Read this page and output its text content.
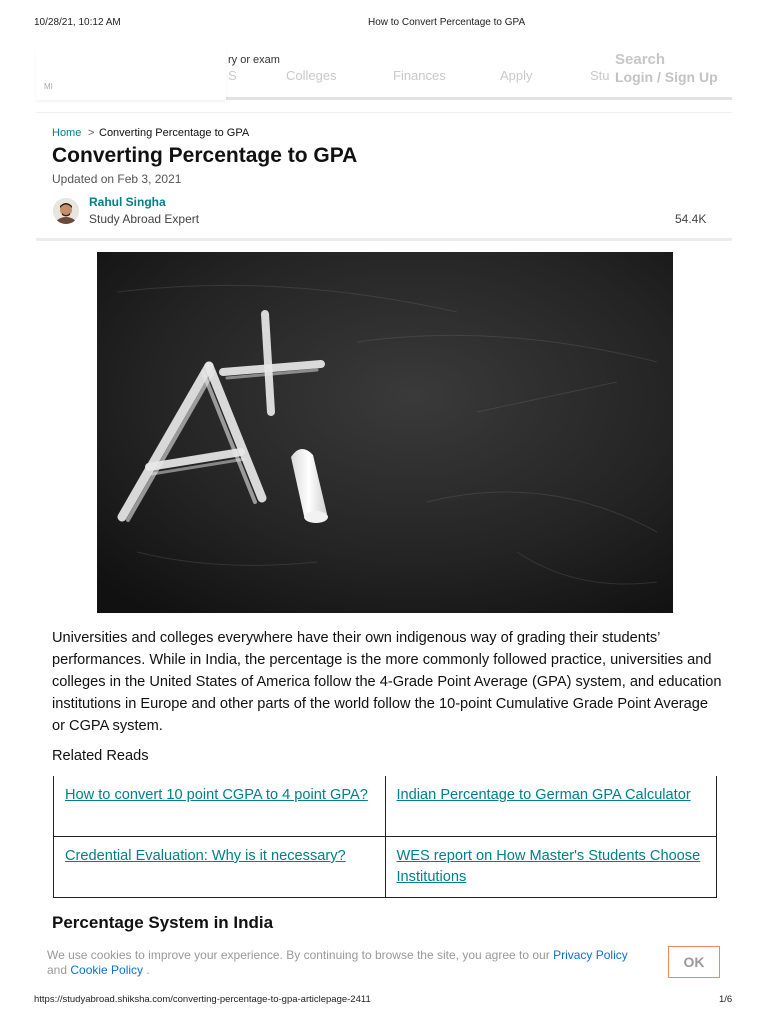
10/28/21, 10:12 AM	How to Convert Percentage to GPA
S	Colleges	Finances	Apply	Stu
MI
ry or exam	Search
Login / Sign Up
Home > Converting Percentage to GPA
Converting Percentage to GPA
Updated on Feb 3, 2021
Rahul Singha
Study Abroad Expert	54.4K

Universities and colleges everywhere have their own indigenous way of grading their students’ performances. While in India, the percentage is the more commonly followed practice, universities and colleges in the United States of America follow the 4-Grade Point Average (GPA) system, and education institutions in Europe and other parts of the world follow the 10-point Cumulative Grade Point Average or CGPA system.

Related Reads
How to convert 10 point CGPA to 4 point GPA?	Indian Percentage to German GPA Calculator
Credential Evaluation: Why is it necessary?	WES report on How Master's Students Choose Institutions
Percentage System in India
We use cookies to improve your experience. By continuing to browse the site, you agree to our Privacy Policy and Cookie Policy .	OK
https://studyabroad.shiksha.com/converting-percentage-to-gpa-articlepage-2411	1/6
